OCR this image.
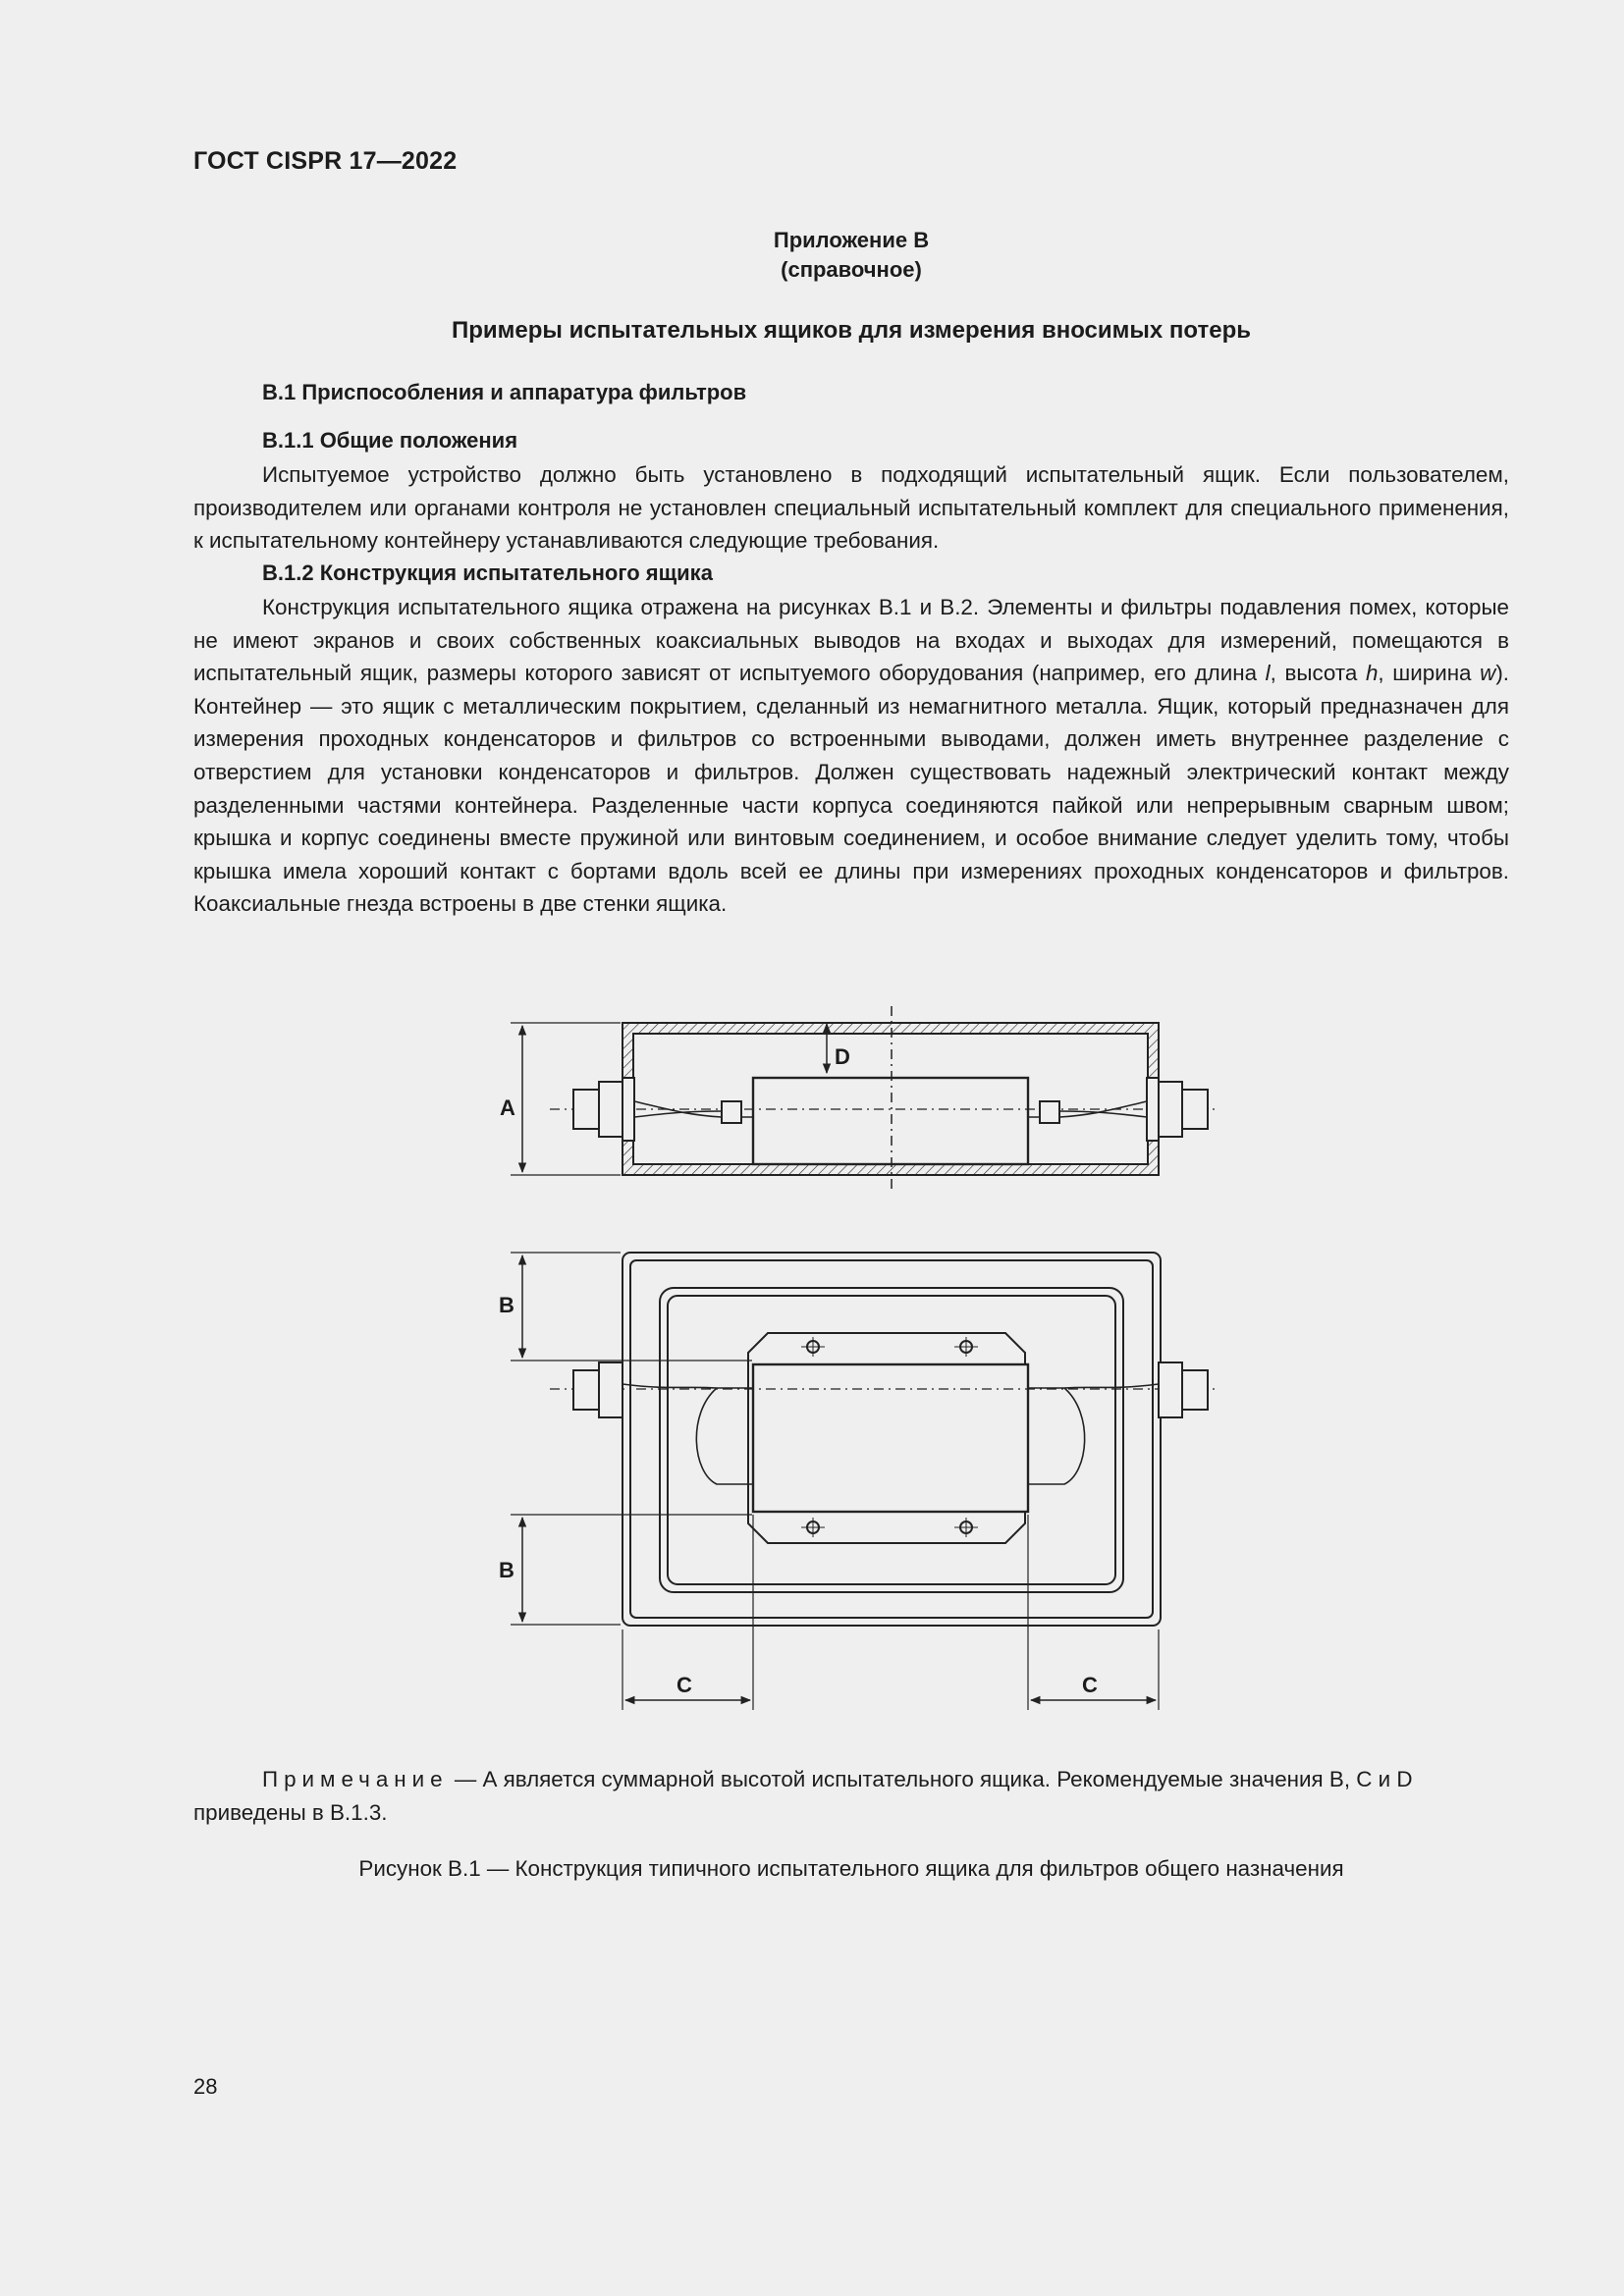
ГОСТ CISPR 17—2022
Приложение В
(справочное)
Примеры испытательных ящиков для измерения вносимых потерь
В.1 Приспособления и аппаратура фильтров
В.1.1 Общие положения

Испытуемое устройство должно быть установлено в подходящий испытательный ящик. Если пользователем, производителем или органами контроля не установлен специальный испытательный комплект для специального применения, к испытательному контейнеру устанавливаются следующие требования.

В.1.2 Конструкция испытательного ящика

Конструкция испытательного ящика отражена на рисунках В.1 и В.2. Элементы и фильтры подавления помех, которые не имеют экранов и своих собственных коаксиальных выводов на входах и выходах для измерений, помещаются в испытательный ящик, размеры которого зависят от испытуемого оборудования (например, его длина l, высота h, ширина w). Контейнер — это ящик с металлическим покрытием, сделанный из немагнитного металла. Ящик, который предназначен для измерения проходных конденсаторов и фильтров со встроенными выводами, должен иметь внутреннее разделение с отверстием для установки конденсаторов и фильтров. Должен существовать надежный электрический контакт между разделенными частями контейнера. Разделенные части корпуса соединяются пайкой или непрерывным сварным швом; крышка и корпус соединены вместе пружиной или винтовым соединением, и особое внимание следует уделить тому, чтобы крышка имела хороший контакт с бортами вдоль всей ее длины при измерениях проходных конденсаторов и фильтров. Коаксиальные гнезда встроены в две стенки ящика.

A
D
B
B
C	C
Примечание — А является суммарной высотой испытательного ящика. Рекомендуемые значения В, С и D приведены в В.1.3.
Рисунок В.1 — Конструкция типичного испытательного ящика для фильтров общего назначения
28
